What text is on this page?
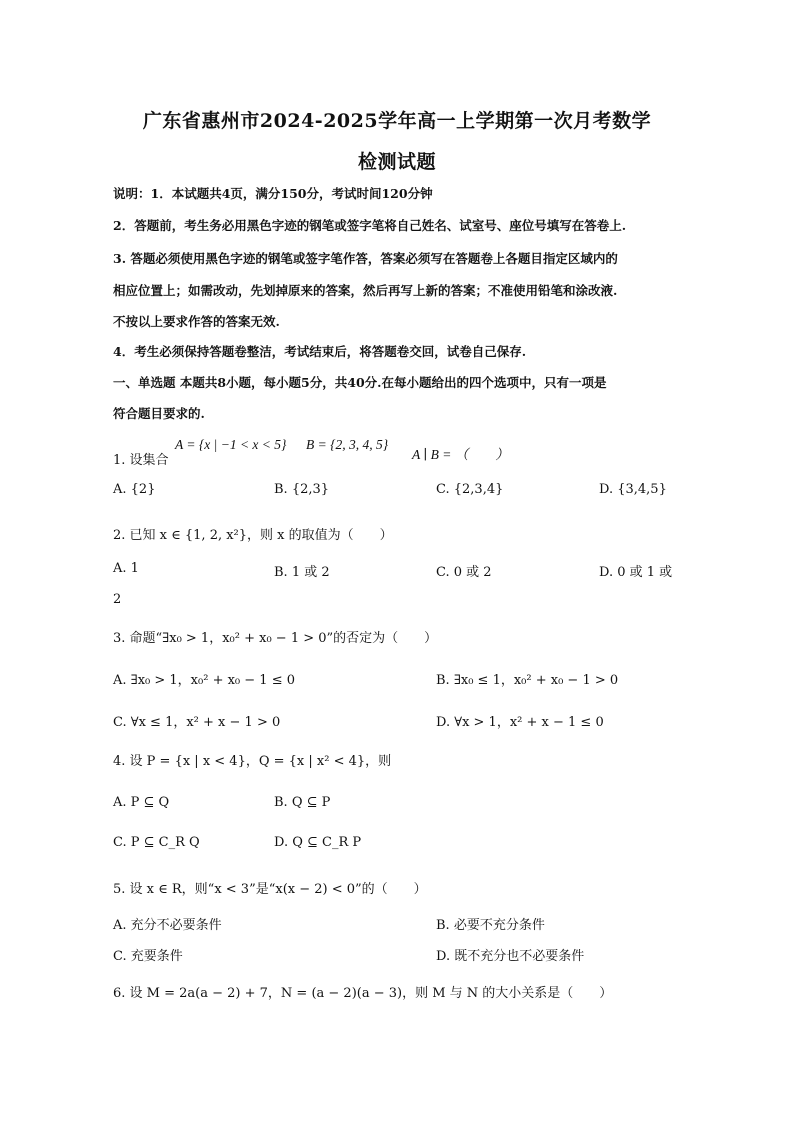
广东省惠州市2024-2025学年高一上学期第一次月考数学
检测试题
说明：1．本试题共4页，满分150分，考试时间120分钟
2．答题前，考生务必用黑色字迹的钢笔或签字笔将自己姓名、试室号、座位号填写在答卷上.
3. 答题必须使用黑色字迹的钢笔或签字笔作答，答案必须写在答题卷上各题目指定区域内的
相应位置上；如需改动，先划掉原来的答案，然后再写上新的答案；不准使用铅笔和涂改液.
不按以上要求作答的答案无效.
4．考生必须保持答题卷整洁，考试结束后，将答题卷交回，试卷自己保存.
一、单选题 本题共8小题，每小题5分，共40分.在每小题给出的四个选项中，只有一项是
符合题目要求的.
1. 设集合
A = {x | −1 < x < 5} B = {2, 3, 4, 5}
A ∣ B = （　　）
A. {2}	B. {2,3}	C. {2,3,4}	D. {3,4,5}
2. 已知 x ∈ {1, 2, x²}，则 x 的取值为（　　）
A. 1	B. 1 或 2	C. 0 或 2	D. 0 或 1 或
2
3. 命题“∃x₀ > 1，x₀² + x₀ − 1 > 0”的否定为（　　）
A. ∃x₀ > 1，x₀² + x₀ − 1 ≤ 0	B. ∃x₀ ≤ 1，x₀² + x₀ − 1 > 0
C. ∀x ≤ 1，x² + x − 1 > 0	D. ∀x > 1，x² + x − 1 ≤ 0
4. 设 P = {x | x < 4}，Q = {x | x² < 4}，则
A. P ⊆ Q	B. Q ⊆ P
C. P ⊆ C_R Q	D. Q ⊆ C_R P
5. 设 x ∈ R，则“x < 3”是“x(x − 2) < 0”的（　　）
A. 充分不必要条件	B. 必要不充分条件
C. 充要条件	D. 既不充分也不必要条件
6. 设 M = 2a(a − 2) + 7，N = (a − 2)(a − 3)，则 M 与 N 的大小关系是（　　）
